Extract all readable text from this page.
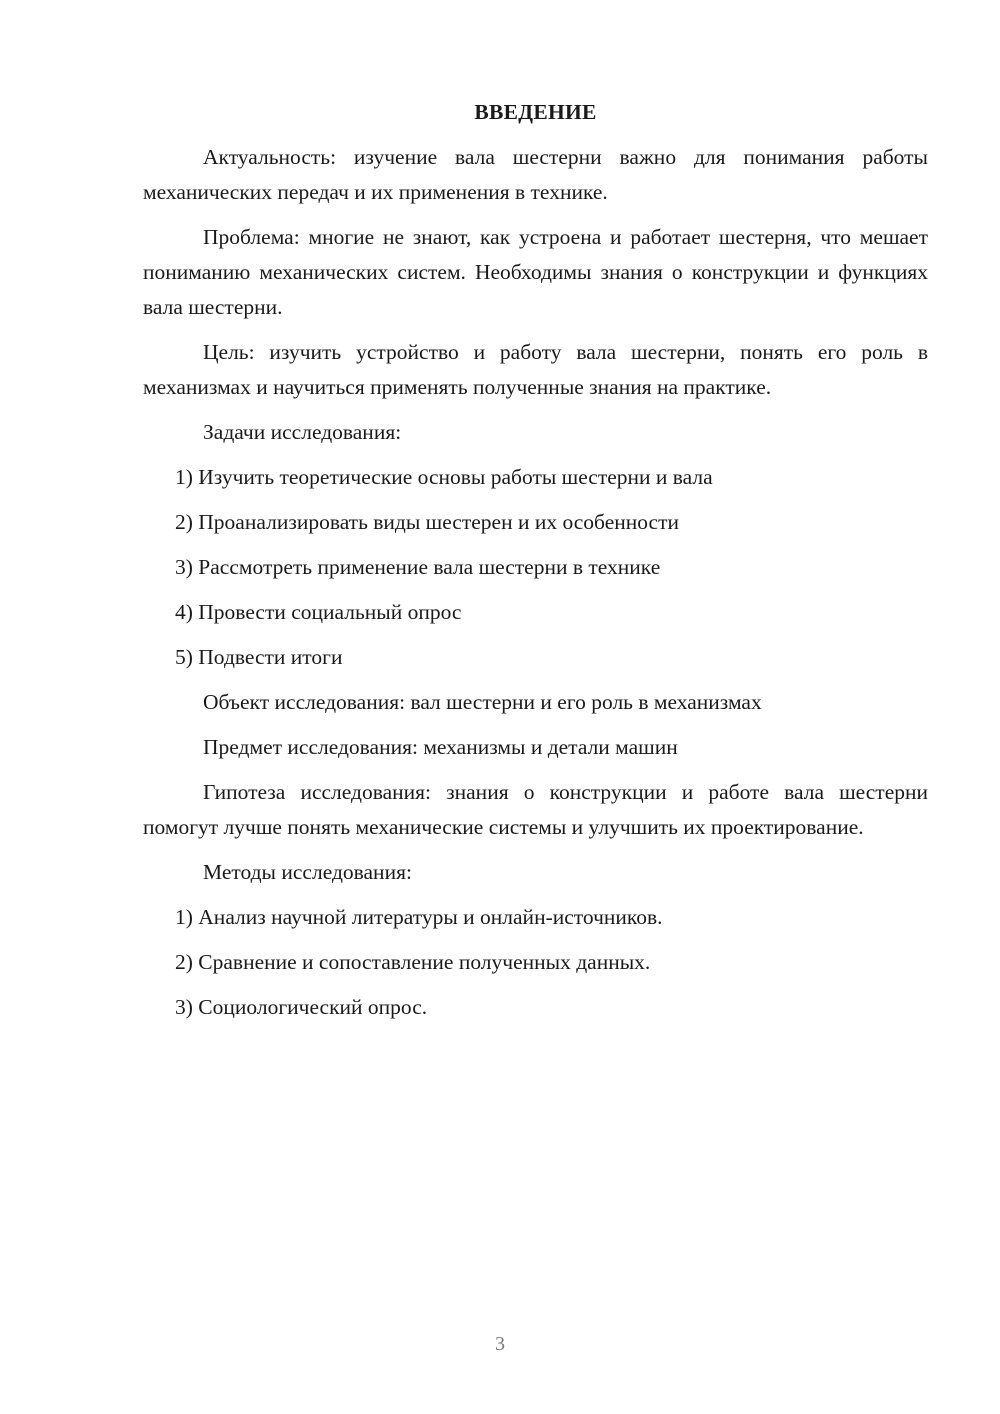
ВВЕДЕНИЕ

Актуальность: изучение вала шестерни важно для понимания работы механических передач и их применения в технике.

Проблема: многие не знают, как устроена и работает шестерня, что мешает пониманию механических систем. Необходимы знания о конструкции и функциях вала шестерни.

Цель: изучить устройство и работу вала шестерни, понять его роль в механизмах и научиться применять полученные знания на практике.

Задачи исследования:

1) Изучить теоретические основы работы шестерни и вала

2) Проанализировать виды шестерен и их особенности

3) Рассмотреть применение вала шестерни в технике

4) Провести социальный опрос

5) Подвести итоги

Объект исследования: вал шестерни и его роль в механизмах

Предмет исследования: механизмы и детали машин

Гипотеза исследования: знания о конструкции и работе вала шестерни помогут лучше понять механические системы и улучшить их проектирование.

Методы исследования:

1) Анализ научной литературы и онлайн-источников.

2) Сравнение и сопоставление полученных данных.

3) Социологический опрос.

3
